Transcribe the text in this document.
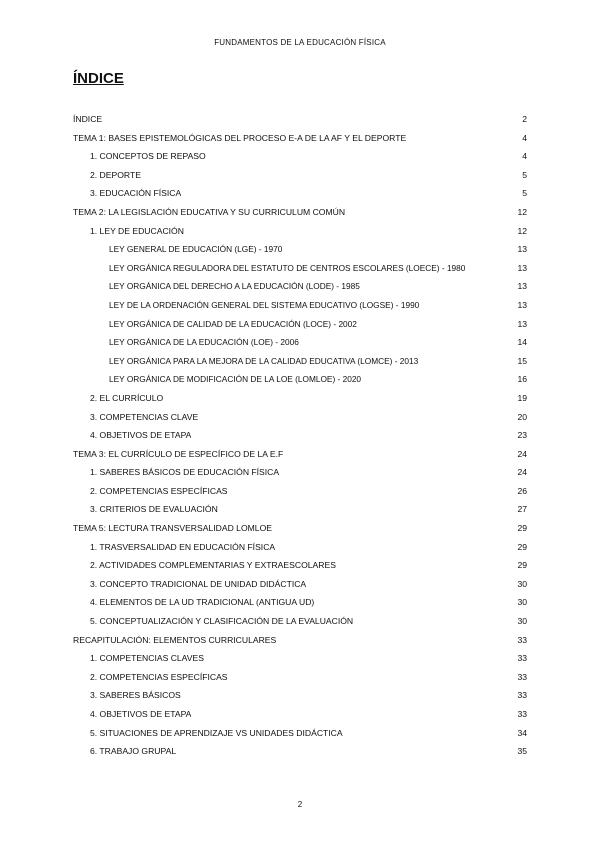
FUNDAMENTOS DE LA EDUCACIÓN FÍSICA
ÍNDICE
ÍNDICE	2
TEMA 1: BASES EPISTEMOLÓGICAS DEL PROCESO E-A DE LA AF Y EL DEPORTE	4
1. CONCEPTOS DE REPASO	4
2. DEPORTE	5
3. EDUCACIÓN FÍSICA	5
TEMA 2: LA LEGISLACIÓN EDUCATIVA Y SU CURRICULUM COMÚN	12
1. LEY DE EDUCACIÓN	12
LEY GENERAL DE EDUCACIÓN (LGE) - 1970	13
LEY ORGÁNICA REGULADORA DEL ESTATUTO DE CENTROS ESCOLARES (LOECE) - 1980	13
LEY ORGÁNICA DEL DERECHO A LA EDUCACIÓN (LODE) - 1985	13
LEY DE LA ORDENACIÓN GENERAL DEL SISTEMA EDUCATIVO (LOGSE) - 1990	13
LEY ORGÁNICA DE CALIDAD DE LA EDUCACIÓN (LOCE) - 2002	13
LEY ORGÁNICA DE LA EDUCACIÓN (LOE) - 2006	14
LEY ORGÁNICA PARA LA MEJORA DE LA CALIDAD EDUCATIVA (LOMCE) - 2013	15
LEY ORGÁNICA DE MODIFICACIÓN DE LA LOE (LOMLOE) - 2020	16
2. EL CURRÍCULO	19
3. COMPETENCIAS CLAVE	20
4. OBJETIVOS DE ETAPA	23
TEMA 3: EL CURRÍCULO DE ESPECÍFICO DE LA E.F	24
1. SABERES BÁSICOS DE EDUCACIÓN FÍSICA	24
2. COMPETENCIAS ESPECÍFICAS	26
3. CRITERIOS DE EVALUACIÓN	27
TEMA 5: LECTURA TRANSVERSALIDAD LOMLOE	29
1. TRASVERSALIDAD EN EDUCACIÓN FÍSICA	29
2. ACTIVIDADES COMPLEMENTARIAS Y EXTRAESCOLARES	29
3. CONCEPTO TRADICIONAL DE UNIDAD DIDÁCTICA	30
4. ELEMENTOS DE LA UD TRADICIONAL (ANTIGUA UD)	30
5. CONCEPTUALIZACIÓN Y CLASIFICACIÓN DE LA EVALUACIÓN	30
RECAPITULACIÓN: ELEMENTOS CURRICULARES	33
1. COMPETENCIAS CLAVES	33
2. COMPETENCIAS ESPECÍFICAS	33
3. SABERES BÁSICOS	33
4. OBJETIVOS DE ETAPA	33
5. SITUACIONES DE APRENDIZAJE VS UNIDADES DIDÁCTICA	34
6. TRABAJO GRUPAL	35
2
